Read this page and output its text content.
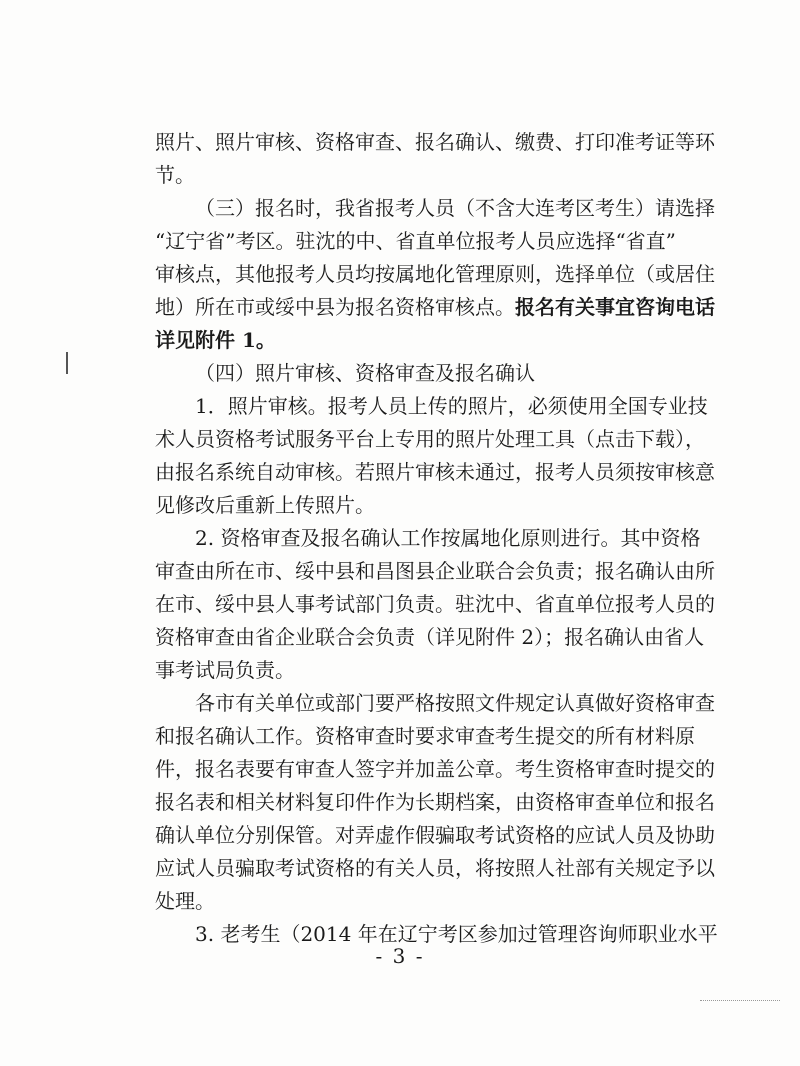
照片、照片审核、资格审查、报名确认、缴费、打印准考证等环
节。
（三）报名时，我省报考人员（不含大连考区考生）请选择
“辽宁省”考区。驻沈的中、省直单位报考人员应选择“省直”
审核点，其他报考人员均按属地化管理原则，选择单位（或居住
地）所在市或绥中县为报名资格审核点。报名有关事宜咨询电话
详见附件 1。
（四）照片审核、资格审查及报名确认
1．照片审核。报考人员上传的照片，必须使用全国专业技
术人员资格考试服务平台上专用的照片处理工具（点击下载），
由报名系统自动审核。若照片审核未通过，报考人员须按审核意
见修改后重新上传照片。
2. 资格审查及报名确认工作按属地化原则进行。其中资格
审查由所在市、绥中县和昌图县企业联合会负责；报名确认由所
在市、绥中县人事考试部门负责。驻沈中、省直单位报考人员的
资格审查由省企业联合会负责（详见附件 2）；报名确认由省人
事考试局负责。
各市有关单位或部门要严格按照文件规定认真做好资格审查
和报名确认工作。资格审查时要求审查考生提交的所有材料原
件，报名表要有审查人签字并加盖公章。考生资格审查时提交的
报名表和相关材料复印件作为长期档案，由资格审查单位和报名
确认单位分别保管。对弄虚作假骗取考试资格的应试人员及协助
应试人员骗取考试资格的有关人员，将按照人社部有关规定予以
处理。
3. 老考生（2014 年在辽宁考区参加过管理咨询师职业水平
- 3 -
